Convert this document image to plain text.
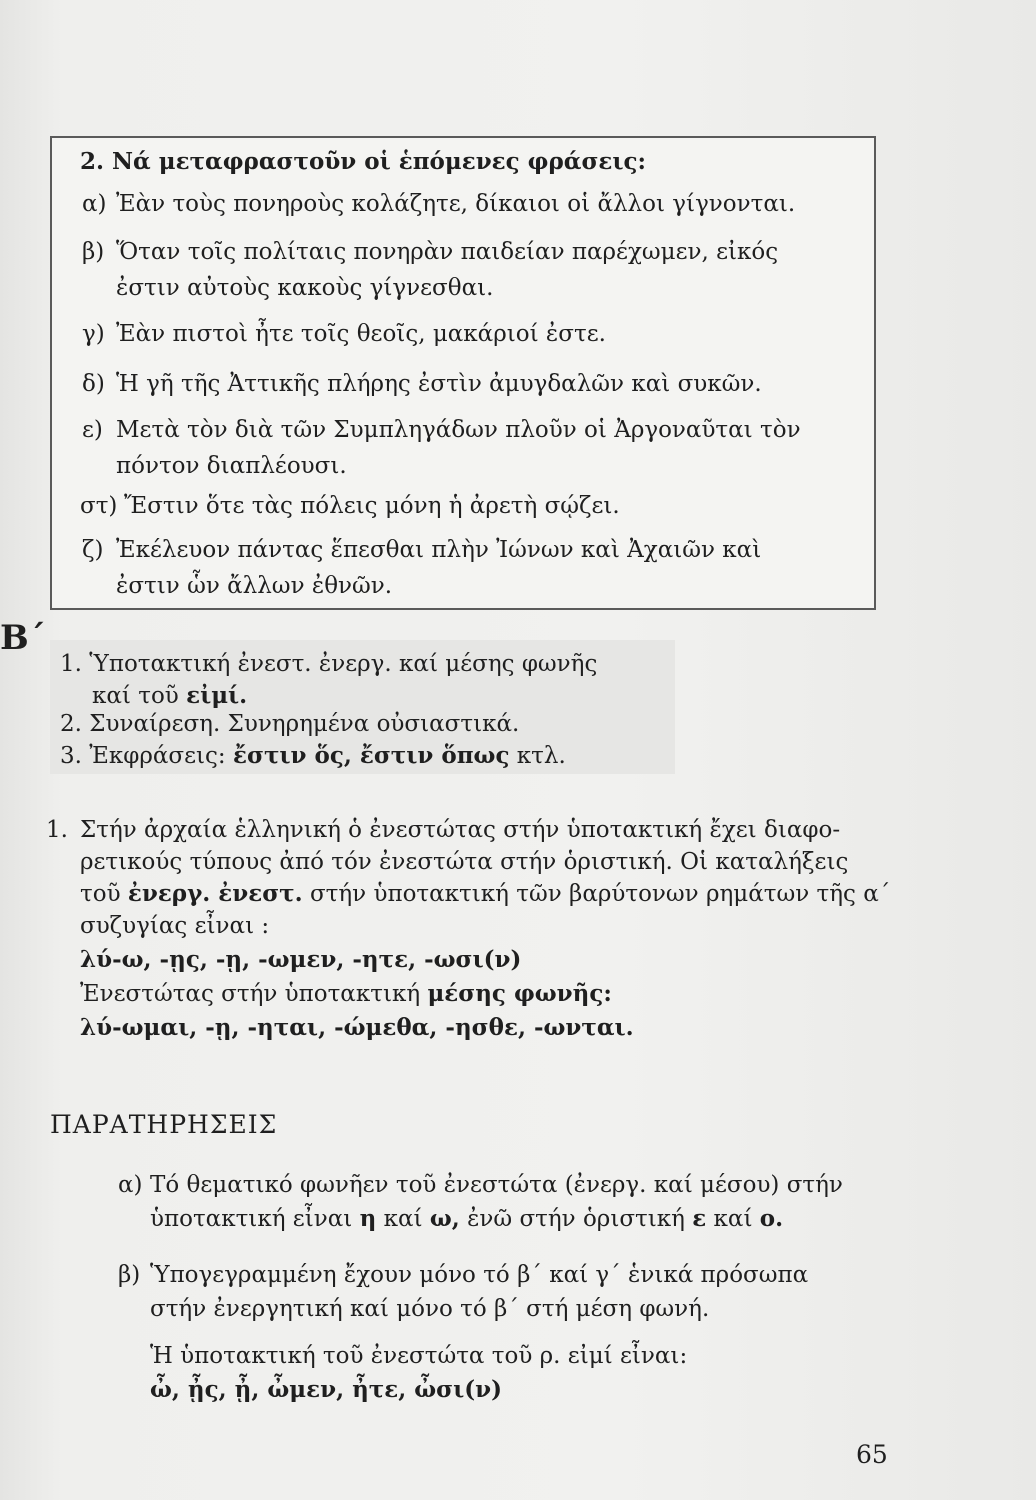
2. Νά μεταφραστοῦν οἱ ἑπόμενες φράσεις:
α) Ἐὰν τοὺς πονηροὺς κολάζητε, δίκαιοι οἱ ἄλλοι γίγνονται.
β) Ὅταν τοῖς πολίταις πονηρὰν παιδείαν παρέχωμεν, εἰκός
ἐστιν αὐτοὺς κακοὺς γίγνεσθαι.
γ) Ἐὰν πιστοὶ ἦτε τοῖς θεοῖς, μακάριοί ἐστε.
δ) Ἡ γῆ τῆς Ἀττικῆς πλήρης ἐστὶν ἀμυγδαλῶν καὶ συκῶν.
ε) Μετὰ τὸν διὰ τῶν Συμπληγάδων πλοῦν οἱ Ἀργοναῦται τὸν
πόντον διαπλέουσι.
στ) Ἔστιν ὅτε τὰς πόλεις μόνη ἡ ἀρετὴ σῴζει.
ζ) Ἐκέλευον πάντας ἕπεσθαι πλὴν Ἰώνων καὶ Ἀχαιῶν καὶ
ἐστιν ὧν ἄλλων ἐθνῶν.
Β΄
1. Ὑποτακτική ἐνεστ. ἐνεργ. καί μέσης φωνῆς
καί τοῦ εἰμί.
2. Συναίρεση. Συνηρημένα οὐσιαστικά.
3. Ἐκφράσεις: ἔστιν ὅς, ἔστιν ὅπως κτλ.
1. Στήν ἀρχαία ἑλληνική ὁ ἐνεστώτας στήν ὑποτακτική ἔχει διαφο-
ρετικούς τύπους ἀπό τόν ἐνεστώτα στήν ὁριστική. Οἱ καταλήξεις
τοῦ ἐνεργ. ἐνεστ. στήν ὑποτακτική τῶν βαρύτονων ρημάτων τῆς α΄
συζυγίας εἶναι :
λύ-ω, -ῃς, -ῃ, -ωμεν, -ητε, -ωσι(ν)
Ἐνεστώτας στήν ὑποτακτική μέσης φωνῆς:
λύ-ωμαι, -ῃ, -ηται, -ώμεθα, -ησθε, -ωνται.
ΠΑΡΑΤΗΡΗΣΕΙΣ
α) Τό θεματικό φωνῆεν τοῦ ἐνεστώτα (ἐνεργ. καί μέσου) στήν
ὑποτακτική εἶναι η καί ω, ἐνῶ στήν ὁριστική ε καί ο.
β) Ὑπογεγραμμένη ἔχουν μόνο τό β΄ καί γ΄ ἑνικά πρόσωπα
στήν ἐνεργητική καί μόνο τό β΄ στή μέση φωνή.
Ἡ ὑποτακτική τοῦ ἐνεστώτα τοῦ ρ. εἰμί εἶναι:
ὦ, ᾖς, ᾖ, ὦμεν, ἦτε, ὦσι(ν)
65
